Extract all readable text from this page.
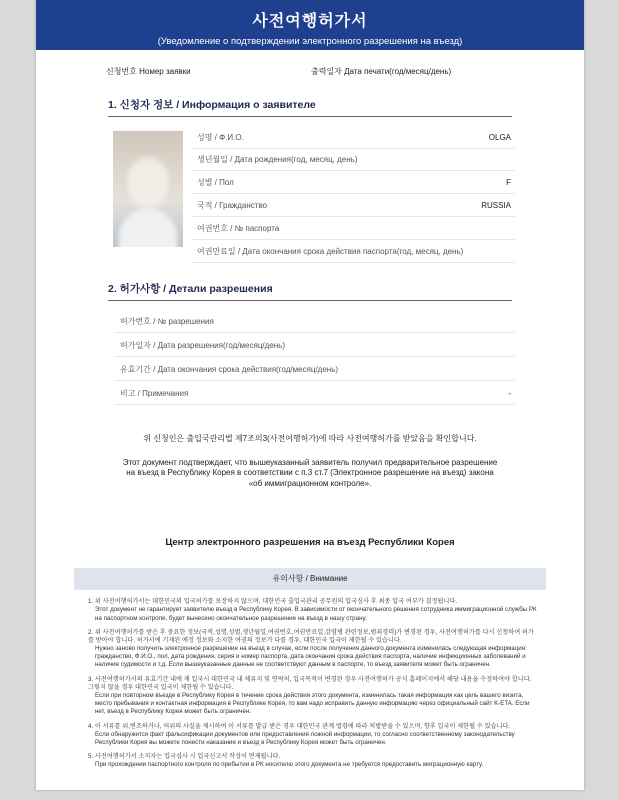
사전여행허가서
(Уведомление о подтверждении электронного разрешения на въезд)
신청번호 Номер заявки	출력일자 Дата печати(год/месяц/день)
1. 신청자 정보 / Информация о заявителе
성명 / Ф.И.О.	OLGA
생년월일 / Дата рождения(год, месяц, день)
성별 / Пол	F
국적 / Гражданство	RUSSIA
여권번호 / № паспорта
여권만료일 / Дата окончания срока действия паспорта(год, месяц, день)
2. 허가사항 / Детали разрешения
허가번호 / № разрешения
허가일자 / Дата разрешения(год/месяц/день)
유효기간 / Дата окончания срока действия(год/месяц/день)
비고 / Примечания	-
위 신청인은 출입국관리법 제7조의3(사전여행허가)에 따라 사전여행허가를 받았음을 확인합니다.
Этот документ подтверждает, что вышеуказанный заявитель получил предварительное разрешение на въезд в Республику Корея в соответствии с п.3 ст.7 (Электронное разрешение на въезд) закона «об иммиграционном контроле».
Центр электронного разрешения на въезд Республики Корея
유의사항 / Внимание
1. 위 사전여행허가서는 대한민국의 입국허가를 보장하지 않으며, 대한민국 출입국관리 공무원의 입국심사 후 최종 입국 여부가 결정됩니다.
Этот документ не гарантирует заявителю въезд в Республику Корея. В зависимости от окончательного решения сотрудника иммиграционной службы РК на паспортном контроле, будет вынесено окончательное разрешение на въезд в нашу страну.
2. 위 사전여행허가를 받은 후 중요한 정보(국적,성명,성별,생년월일,여권번호,여권만료일,감염병 관련정보,범죄경력)가 변경된 경우, 사전여행허가를 다시 신청하여 허가를 받아야 합니다. 허가서에 기재된 예정 정보와 소지한 여권의 정보가 다를 경우, 대한민국 입국이 제한될 수 있습니다.
Нужно заново получить электронное разрешение на въезд в случае, если после получения данного документа изменилась следующая информация: гражданство, Ф.И.О., пол, дата рождения, серия и номер паспорта, дата окончания срока действия паспорта, наличие инфекционных заболеваний и наличие судимости и т.д. Если вышеуказанные данные не соответствуют данным в паспорте, то въезд заявителя может быть ограничен.
3. 사전여행허가서의 유효기간 내에 재 입국시 대한민국 내 체류지 및 연락처, 입국목적이 변경된 경우 사전여행허가 공식 홈페이지에서 해당 내용을 수정하여야 합니다. 그렇지 않을 경우 대한민국 입국이 제한될 수 있습니다.
Если при повторном въезде в Республику Корея в течение срока действия этого документа, изменилась такая информация как цель вашего визита, место пребывания и контактная информация в Республике Корея, то вам надо исправить данную информацию через официальный сайт K-ETA. Если нет, въезд в Республику Корея может быть ограничен.
4. 이 서류를 위,변조하거나, 허위의 사실을 제시하여 이 서류를 발급 받은 경우 대한민국 관계 법령에 따라 처벌받을 수 있으며, 향후 입국이 제한될 수 있습니다.
Если обнаружится факт фальсификации документов или предоставления ложной информации, то согласно соответственному законодательству Республики Корея вы можете понести наказание и въезд в Республику Корея может быть ограничен.
5. 사전여행허가서 소지자는 입국심사 시 입국신고서 작성이 면제됩니다.
При прохождении паспортного контроля по прибытии в РК носителю этого документа не требуется предоставить миграционную карту.
